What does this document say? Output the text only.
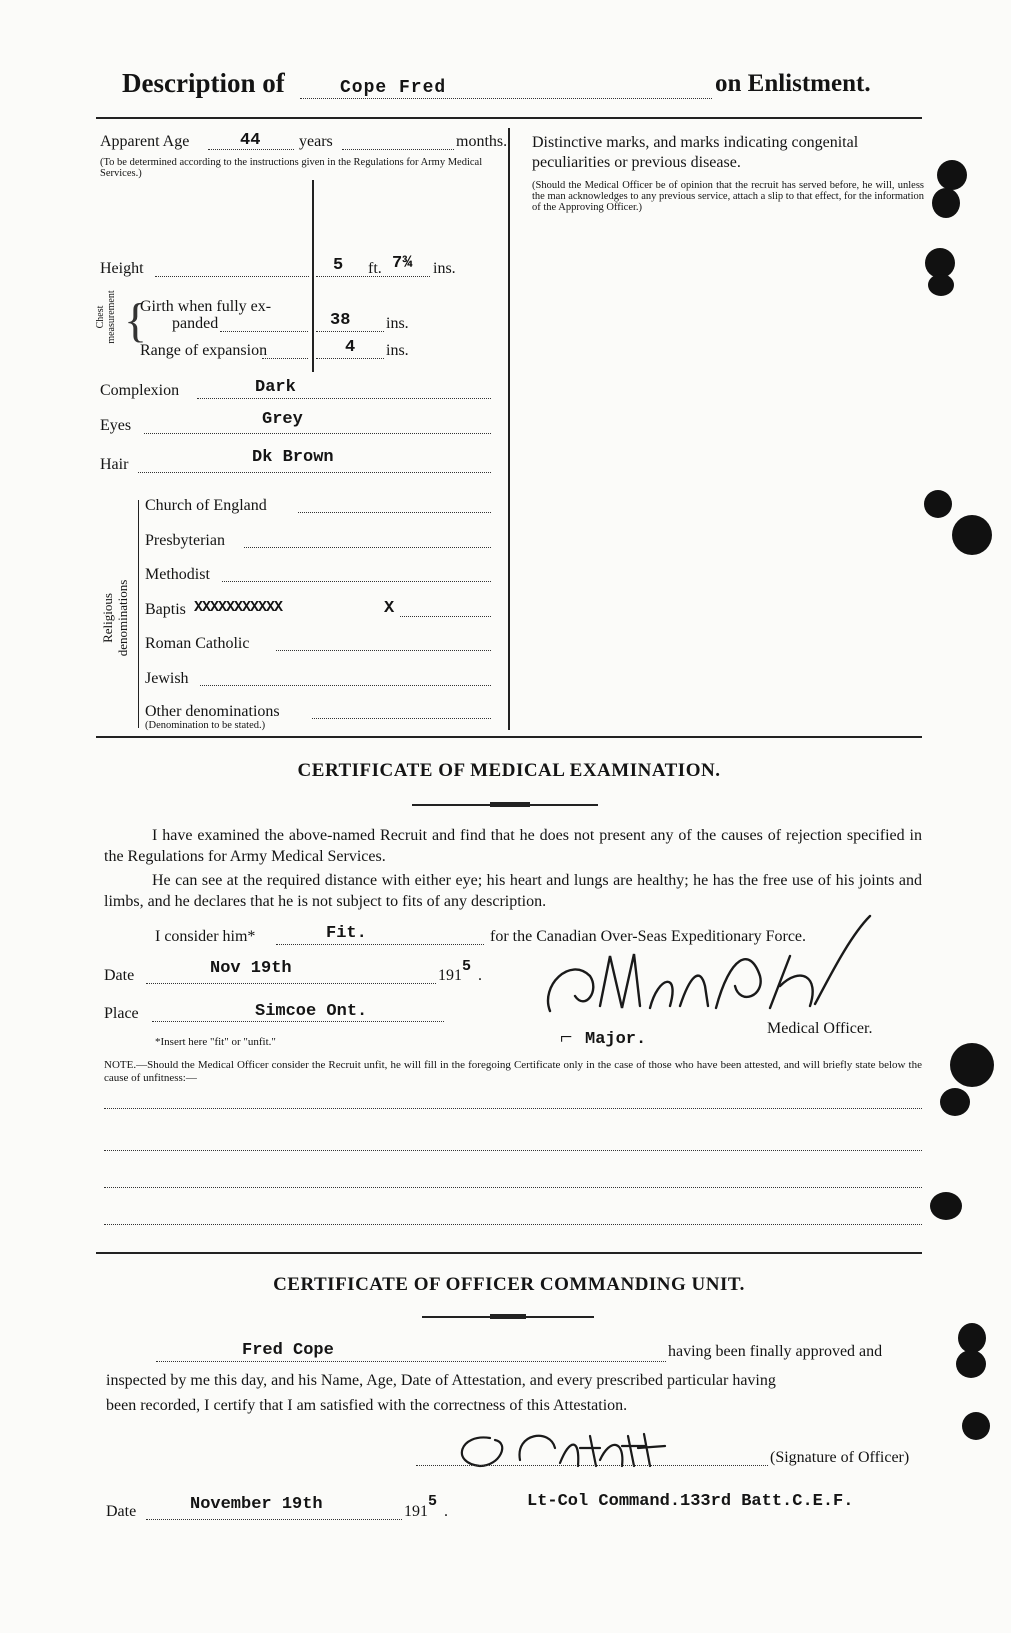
Description of	Cope Fred	on Enlistment.
Apparent Age	44 years	months.
(To be determined according to the instructions given in the Regulations for Army Medical Services.)
Height	5 ft. 7¾ ins.
Chest measurement {
Girth when fully ex-
panded	38 ins.
Range of expansion	4 ins.
Complexion	Dark
Eyes	Grey
Hair	Dk Brown
Religious denominations
Church of England
Presbyterian
Methodist
Baptis XXXXXXXXXXX	X
Roman Catholic
Jewish
Other denominations
(Denomination to be stated.)
Distinctive marks, and marks indicating congenital peculiarities or previous disease.
(Should the Medical Officer be of opinion that the recruit has served before, he will, unless the man acknowledges to any previous service, attach a slip to that effect, for the information of the Approving Officer.)
CERTIFICATE OF MEDICAL EXAMINATION.
I have examined the above-named Recruit and find that he does not present any of the causes of rejection specified in the Regulations for Army Medical Services.
He can see at the required distance with either eye; his heart and lungs are healthy; he has the free use of his joints and limbs, and he declares that he is not subject to fits of any description.
I consider him*	Fit.	for the Canadian Over-Seas Expeditionary Force.
Date	Nov 19th	191
5
.
Place	Simcoe Ont.
*Insert here "fit" or "unfit."	⌐ Major.
Medical Officer.
NOTE.—Should the Medical Officer consider the Recruit unfit, he will fill in the foregoing Certificate only in the case of those who have been attested, and will briefly state below the cause of unfitness:—
CERTIFICATE OF OFFICER COMMANDING UNIT.
Fred Cope	having been finally approved and
inspected by me this day, and his Name, Age, Date of Attestation, and every prescribed particular having
been recorded, I certify that I am satisfied with the correctness of this Attestation.
(Signature of Officer)
Date	November 19th	191
5
.
Lt-Col Command.133rd Batt.C.E.F.
